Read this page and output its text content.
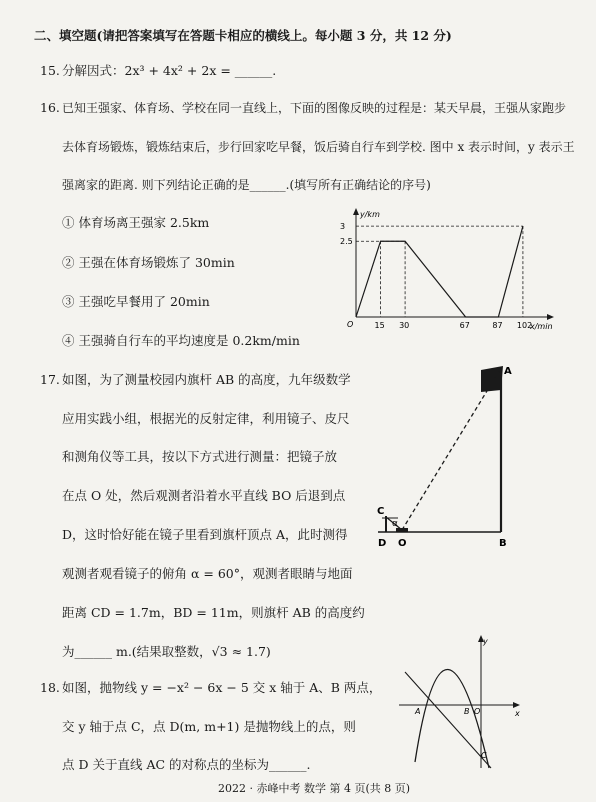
二、填空题(请把答案填写在答题卡相应的横线上。每小题 3 分，共 12 分)
15. 分解因式：2x³ + 4x² + 2x = ______.
16. 已知王强家、体育场、学校在同一直线上，下面的图像反映的过程是：某天早晨，王强从家跑步
去体育场锻炼，锻炼结束后，步行回家吃早餐，饭后骑自行车到学校. 图中 x 表示时间，y 表示王
强离家的距离. 则下列结论正确的是______.(填写所有正确结论的序号)
① 体育场离王强家 2.5km
② 王强在体育场锻炼了 30min
③ 王强吃早餐用了 20min
④ 王强骑自行车的平均速度是 0.2km/min
y/km
x/min
O
2.5
3
15 30	67	87 102
17. 如图，为了测量校园内旗杆 AB 的高度，九年级数学
应用实践小组，根据光的反射定律，利用镜子、皮尺
和测角仪等工具，按以下方式进行测量：把镜子放
在点 O 处，然后观测者沿着水平直线 BO 后退到点
D，这时恰好能在镜子里看到旗杆顶点 A，此时测得
观测者观看镜子的俯角 α = 60°，观测者眼睛与地面
距离 CD = 1.7m，BD = 11m，则旗杆 AB 的高度约
为______ m.(结果取整数，√3 ≈ 1.7)
C
α
D O	B
A
18. 如图，抛物线 y = −x² − 6x − 5 交 x 轴于 A、B 两点，
交 y 轴于点 C，点 D(m, m+1) 是抛物线上的点，则
点 D 关于直线 AC 的对称点的坐标为______.
y
x
A	B O
C
2022 · 赤峰中考 数学 第 4 页(共 8 页)
